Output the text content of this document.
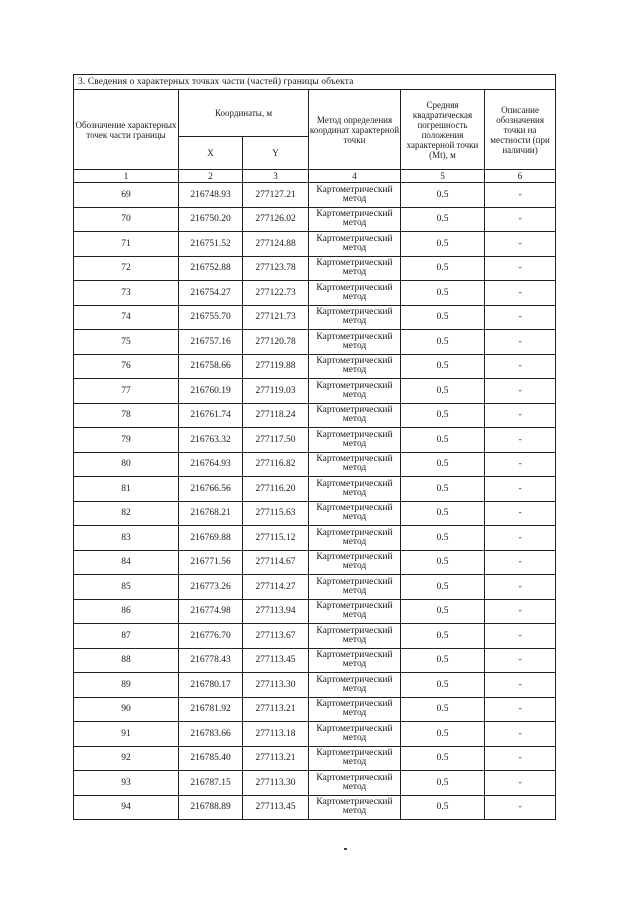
3. Сведения о характерных точках части (частей) границы объекта					
Обозначение характерных точек части границы	Координаты, м		Метод определения координат характерной точки	Средняя квадратическая погрешность положения характерной точки (Mt), м	Описание обозначения точки на местности (при наличии)
	X	Y			
1	2	3	4	5	6
69	216748.93	277127.21	Картометрический метод	0.5	-
70	216750.20	277126.02	Картометрический метод	0.5	-
71	216751.52	277124.88	Картометрический метод	0.5	-
72	216752.88	277123.78	Картометрический метод	0.5	-
73	216754.27	277122.73	Картометрический метод	0.5	-
74	216755.70	277121.73	Картометрический метод	0.5	-
75	216757.16	277120.78	Картометрический метод	0.5	-
76	216758.66	277119.88	Картометрический метод	0.5	-
77	216760.19	277119.03	Картометрический метод	0.5	-
78	216761.74	277118.24	Картометрический метод	0.5	-
79	216763.32	277117.50	Картометрический метод	0.5	-
80	216764.93	277116.82	Картометрический метод	0.5	-
81	216766.56	277116.20	Картометрический метод	0.5	-
82	216768.21	277115.63	Картометрический метод	0.5	-
83	216769.88	277115.12	Картометрический метод	0.5	-
84	216771.56	277114.67	Картометрический метод	0.5	-
85	216773.26	277114.27	Картометрический метод	0.5	-
86	216774.98	277113.94	Картометрический метод	0.5	-
87	216776.70	277113.67	Картометрический метод	0.5	-
88	216778.43	277113.45	Картометрический метод	0.5	-
89	216780.17	277113.30	Картометрический метод	0.5	-
90	216781.92	277113.21	Картометрический метод	0.5	-
91	216783.66	277113.18	Картометрический метод	0.5	-
92	216785.40	277113.21	Картометрический метод	0.5	-
93	216787.15	277113.30	Картометрический метод	0.5	-
94	216788.89	277113.45	Картометрический метод	0.5	-
